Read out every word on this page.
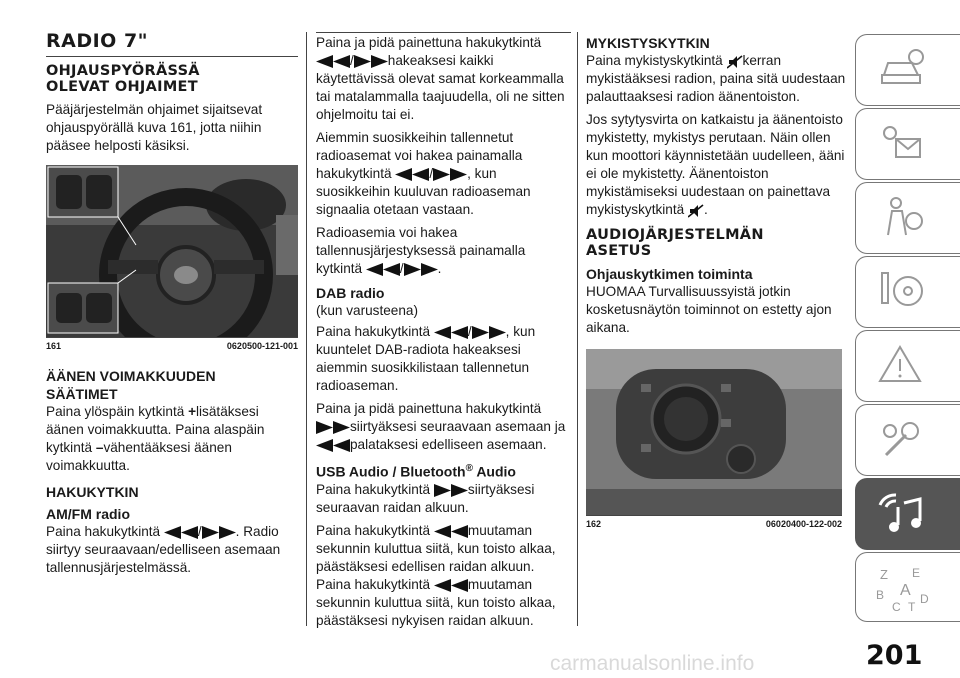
RADIO 7"
OHJAUSPYÖRÄSSÄ OLEVAT OHJAIMET

Pääjärjestelmän ohjaimet sijaitsevat ohjauspyörällä kuva 161, jotta niihin pääsee helposti käsiksi.

161	0620500-121-001
ÄÄNEN VOIMAKKUUDEN SÄÄTIMET

Paina ylöspäin kytkintä +lisätäksesi äänen voimakkuutta. Paina alaspäin kytkintä –vähentääksesi äänen voimakkuutta.

HAKUKYTKIN
AM/FM radio

Paina hakukytkintä	/	. Radio siirtyy seuraavaan/edelliseen asemaan tallennusjärjestelmässä.

Paina ja pidä painettuna hakukytkintä
/	hakeaksesi kaikki käytettävissä olevat samat korkeammalla tai matalammalla taajuudella, oli ne sitten ohjelmoitu tai ei.

Aiemmin suosikkeihin tallennetut radioasemat voi hakea painamalla hakukytkintä	/	, kun suosikkeihin kuuluvan radioaseman signaalia otetaan vastaan.

Radioasemia voi hakea tallennusjärjestyksessä painamalla kytkintä	/	.

DAB radio

(kun varusteena)

Paina hakukytkintä	/	, kun kuuntelet DAB-radiota hakeaksesi aiemmin suosikkilistaan tallennetun radioaseman.

Paina ja pidä painettuna hakukytkintä
siirtyäksesi seuraavaan asemaan ja
palataksesi edelliseen asemaan.

USB Audio / Bluetooth® Audio

Paina hakukytkintä	siirtyäksesi seuraavan raidan alkuun.

Paina hakukytkintä	muutaman sekunnin kuluttua siitä, kun toisto alkaa, päästäksesi edellisen raidan alkuun.

Paina hakukytkintä	muutaman sekunnin kuluttua siitä, kun toisto alkaa, päästäksesi nykyisen raidan alkuun.

MYKISTYSKYTKIN

Paina mykistyskytkintä kerran mykistääksesi radion, paina sitä uudestaan palauttaaksesi radion äänentoiston.

Jos sytytysvirta on katkaistu ja äänentoisto mykistetty, mykistys perutaan. Näin ollen kun moottori käynnistetään uudelleen, ääni ei ole mykistetty. Äänentoiston mykistämiseksi uudestaan on painettava mykistyskytkintä .

AUDIOJÄRJESTELMÄN ASETUS
Ohjauskytkimen toiminta

HUOMAA Turvallisuussyistä jotkin kosketusnäytön toiminnot on estetty ajon aikana.

162	06020400-122-002
Z E
B A
C T
D
201
carmanualsonline.info
